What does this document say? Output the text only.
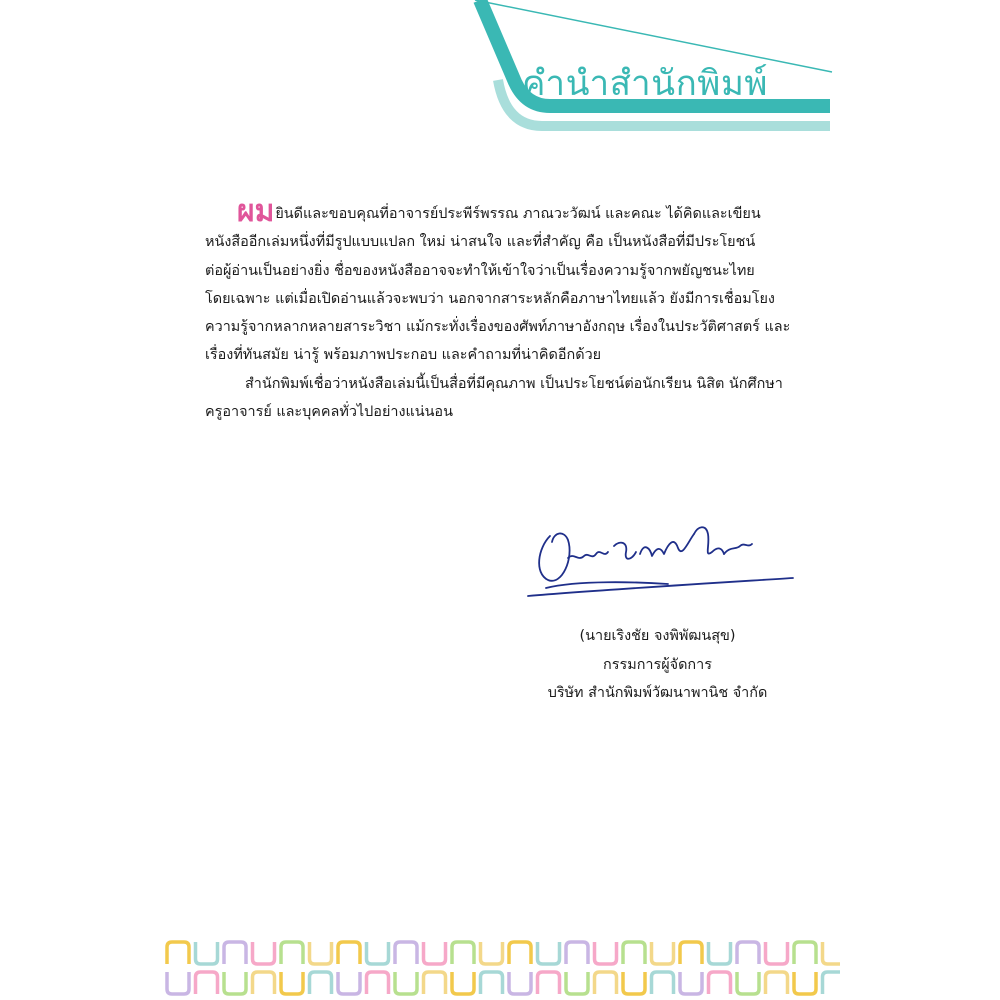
คำนำสำนักพิมพ์
ผมยินดีและขอบคุณที่อาจารย์ประพีร์พรรณ ภาณวะวัฒน์ และคณะ ได้คิดและเขียน
หนังสืออีกเล่มหนึ่งที่มีรูปแบบแปลก ใหม่ น่าสนใจ และที่สำคัญ คือ เป็นหนังสือที่มีประโยชน์
ต่อผู้อ่านเป็นอย่างยิ่ง ชื่อของหนังสืออาจจะทำให้เข้าใจว่าเป็นเรื่องความรู้จากพยัญชนะไทย
โดยเฉพาะ แต่เมื่อเปิดอ่านแล้วจะพบว่า นอกจากสาระหลักคือภาษาไทยแล้ว ยังมีการเชื่อมโยง
ความรู้จากหลากหลายสาระวิชา แม้กระทั่งเรื่องของศัพท์ภาษาอังกฤษ เรื่องในประวัติศาสตร์ และ
เรื่องที่ทันสมัย น่ารู้ พร้อมภาพประกอบ และคำถามที่น่าคิดอีกด้วย
สำนักพิมพ์เชื่อว่าหนังสือเล่มนี้เป็นสื่อที่มีคุณภาพ เป็นประโยชน์ต่อนักเรียน นิสิต นักศึกษา
ครูอาจารย์ และบุคคลทั่วไปอย่างแน่นอน
(นายเริงชัย จงพิพัฒนสุข)
กรรมการผู้จัดการ
บริษัท สำนักพิมพ์วัฒนาพานิช จำกัด
